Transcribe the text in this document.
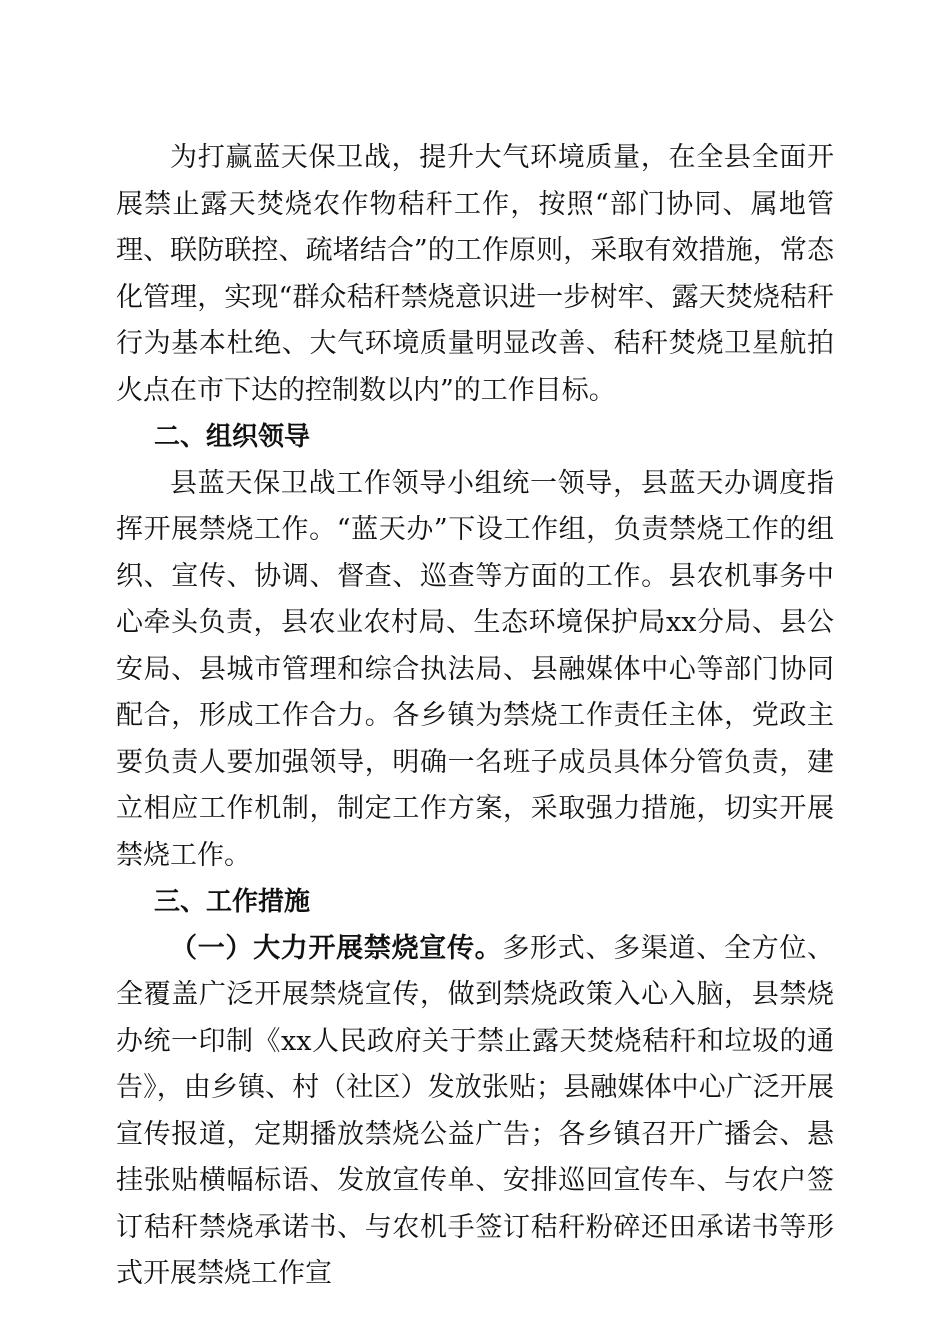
为打赢蓝天保卫战，提升大气环境质量，在全县全面开展禁止露天焚烧农作物秸秆工作，按照“部门协同、属地管理、联防联控、疏堵结合”的工作原则，采取有效措施，常态化管理，实现“群众秸秆禁烧意识进一步树牢、露天焚烧秸秆行为基本杜绝、大气环境质量明显改善、秸秆焚烧卫星航拍火点在市下达的控制数以内”的工作目标。

二、组织领导

县蓝天保卫战工作领导小组统一领导，县蓝天办调度指挥开展禁烧工作。“蓝天办”下设工作组，负责禁烧工作的组织、宣传、协调、督查、巡查等方面的工作。县农机事务中心牵头负责，县农业农村局、生态环境保护局xx分局、县公安局、县城市管理和综合执法局、县融媒体中心等部门协同配合，形成工作合力。各乡镇为禁烧工作责任主体，党政主要负责人要加强领导，明确一名班子成员具体分管负责，建立相应工作机制，制定工作方案，采取强力措施，切实开展禁烧工作。

三、工作措施

（一）大力开展禁烧宣传。多形式、多渠道、全方位、全覆盖广泛开展禁烧宣传，做到禁烧政策入心入脑，县禁烧办统一印制《xx人民政府关于禁止露天焚烧秸秆和垃圾的通告》，由乡镇、村（社区）发放张贴；县融媒体中心广泛开展宣传报道，定期播放禁烧公益广告；各乡镇召开广播会、悬挂张贴横幅标语、发放宣传单、安排巡回宣传车、与农户签订秸秆禁烧承诺书、与农机手签订秸秆粉碎还田承诺书等形式开展禁烧工作宣
